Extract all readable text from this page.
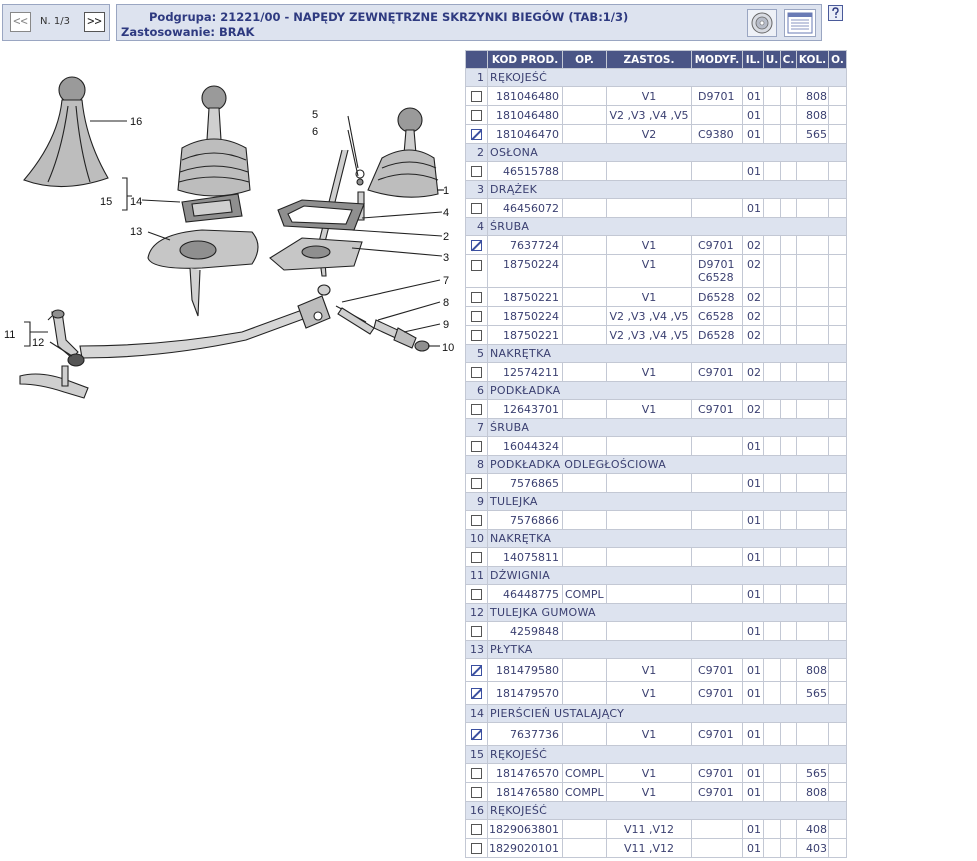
<<	N. 1/3 >>	Podgrupa: 21221/00 - NAPĘDY ZEWNĘTRZNE SKRZYNKI BIEGÓW (TAB:1/3)
Zastosowanie: BRAK
16
15 14
13
5
6
1
4
2
3
7
8
9
10
11
12
	KOD PROD.	OP.	ZASTOS.	MODYF.	IL.	U.	C.	KOL.	O.
1	RĘKOJEŚĆ								
	181046480		V1	D9701	01			808	
	181046480		V2 ,V3 ,V4 ,V5		01			808	
	181046470		V2	C9380	01			565	
2	OSŁONA								
	46515788				01				
3	DRĄŻEK								
	46456072				01				
4	ŚRUBA								
	7637724		V1	C9701	02				
	18750224		V1	D9701
C6528	02				
	18750221		V1	D6528	02				
	18750224		V2 ,V3 ,V4 ,V5	C6528	02				
	18750221		V2 ,V3 ,V4 ,V5	D6528	02				
5	NAKRĘTKA								
	12574211		V1	C9701	02				
6	PODKŁADKA								
	12643701		V1	C9701	02				
7	ŚRUBA								
	16044324				01				
8	PODKŁADKA ODLEGŁOŚCIOWA								
	7576865				01				
9	TULEJKA								
	7576866				01				
10	NAKRĘTKA								
	14075811				01				
11	DŹWIGNIA								
	46448775	COMPL			01				
12	TULEJKA GUMOWA								
	4259848				01				
13	PŁYTKA								
	181479580		V1	C9701	01			808	
	181479570		V1	C9701	01			565	
14	PIERŚCIEŃ USTALAJĄCY								
	7637736		V1	C9701	01				
15	RĘKOJEŚĆ								
	181476570	COMPL	V1	C9701	01			565	
	181476580	COMPL	V1	C9701	01			808	
16	RĘKOJEŚĆ								
	1829063801		V11 ,V12		01			408	
	1829020101		V11 ,V12		01			403	
